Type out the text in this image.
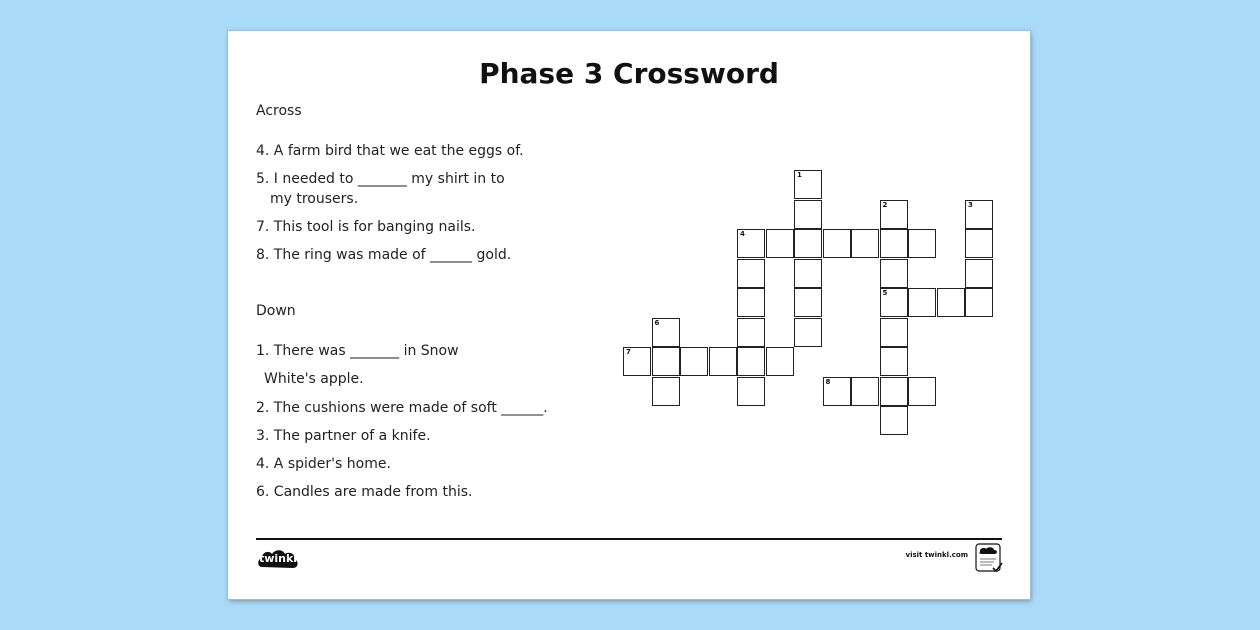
Phase 3 Crossword
Across
4. A farm bird that we eat the eggs of.
5. I needed to _______ my shirt in to
my trousers.
7. This tool is for banging nails.
8. The ring was made of ______ gold.
Down
1. There was _______ in Snow
White's apple.
2. The cushions were made of soft ______.
3. The partner of a knife.
4. A spider's home.
6. Candles are made from this.
1
2	3
4
5
6
7
8
twinkl	visit twinkl.com
